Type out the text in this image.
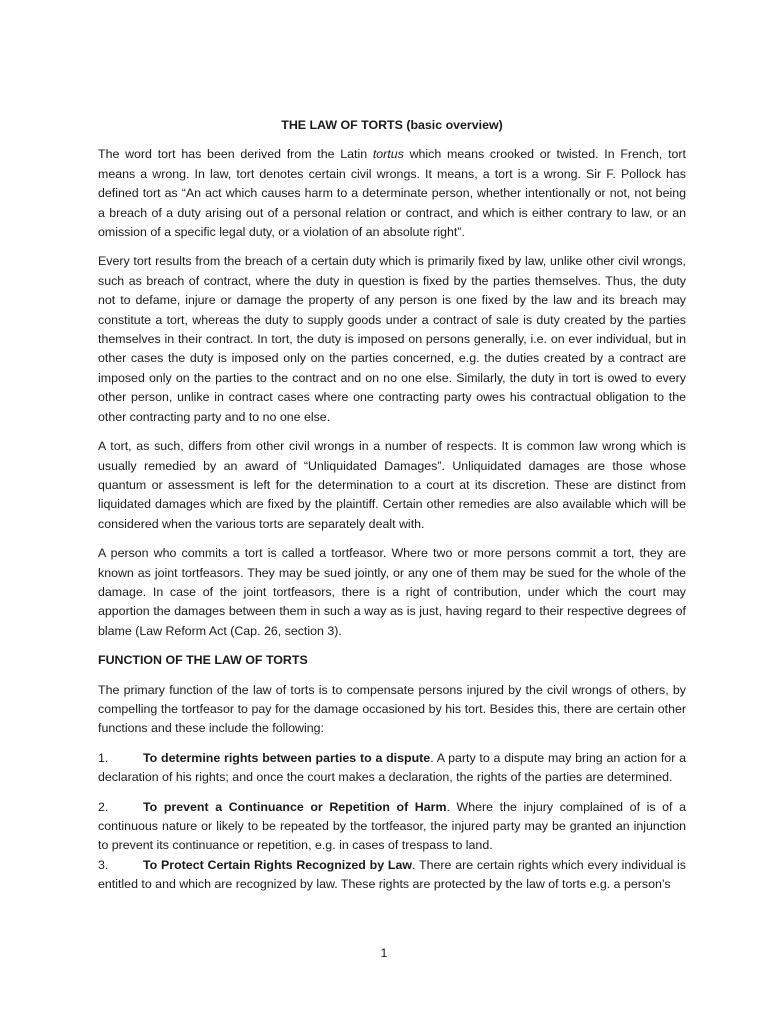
THE LAW OF TORTS (basic overview)

The word tort has been derived from the Latin tortus which means crooked or twisted. In French, tort means a wrong. In law, tort denotes certain civil wrongs. It means, a tort is a wrong. Sir F. Pollock has defined tort as “An act which causes harm to a determinate person, whether intentionally or not, not being a breach of a duty arising out of a personal relation or contract, and which is either contrary to law, or an omission of a specific legal duty, or a violation of an absolute right”.

Every tort results from the breach of a certain duty which is primarily fixed by law, unlike other civil wrongs, such as breach of contract, where the duty in question is fixed by the parties themselves. Thus, the duty not to defame, injure or damage the property of any person is one fixed by the law and its breach may constitute a tort, whereas the duty to supply goods under a contract of sale is duty created by the parties themselves in their contract. In tort, the duty is imposed on persons generally, i.e. on ever individual, but in other cases the duty is imposed only on the parties concerned, e.g. the duties created by a contract are imposed only on the parties to the contract and on no one else. Similarly, the duty in tort is owed to every other person, unlike in contract cases where one contracting party owes his contractual obligation to the other contracting party and to no one else.

A tort, as such, differs from other civil wrongs in a number of respects. It is common law wrong which is usually remedied by an award of “Unliquidated Damages”. Unliquidated damages are those whose quantum or assessment is left for the determination to a court at its discretion. These are distinct from liquidated damages which are fixed by the plaintiff. Certain other remedies are also available which will be considered when the various torts are separately dealt with.

A person who commits a tort is called a tortfeasor. Where two or more persons commit a tort, they are known as joint tortfeasors. They may be sued jointly, or any one of them may be sued for the whole of the damage. In case of the joint tortfeasors, there is a right of contribution, under which the court may apportion the damages between them in such a way as is just, having regard to their respective degrees of blame (Law Reform Act (Cap. 26, section 3).

FUNCTION OF THE LAW OF TORTS

The primary function of the law of torts is to compensate persons injured by the civil wrongs of others, by compelling the tortfeasor to pay for the damage occasioned by his tort. Besides this, there are certain other functions and these include the following:

1.	To determine rights between parties to a dispute. A party to a dispute may bring an action for a declaration of his rights; and once the court makes a declaration, the rights of the parties are determined.
2.	To prevent a Continuance or Repetition of Harm. Where the injury complained of is of a continuous nature or likely to be repeated by the tortfeasor, the injured party may be granted an injunction to prevent its continuance or repetition, e.g. in cases of trespass to land.
3.	To Protect Certain Rights Recognized by Law. There are certain rights which every individual is entitled to and which are recognized by law. These rights are protected by the law of torts e.g. a person’s
1
